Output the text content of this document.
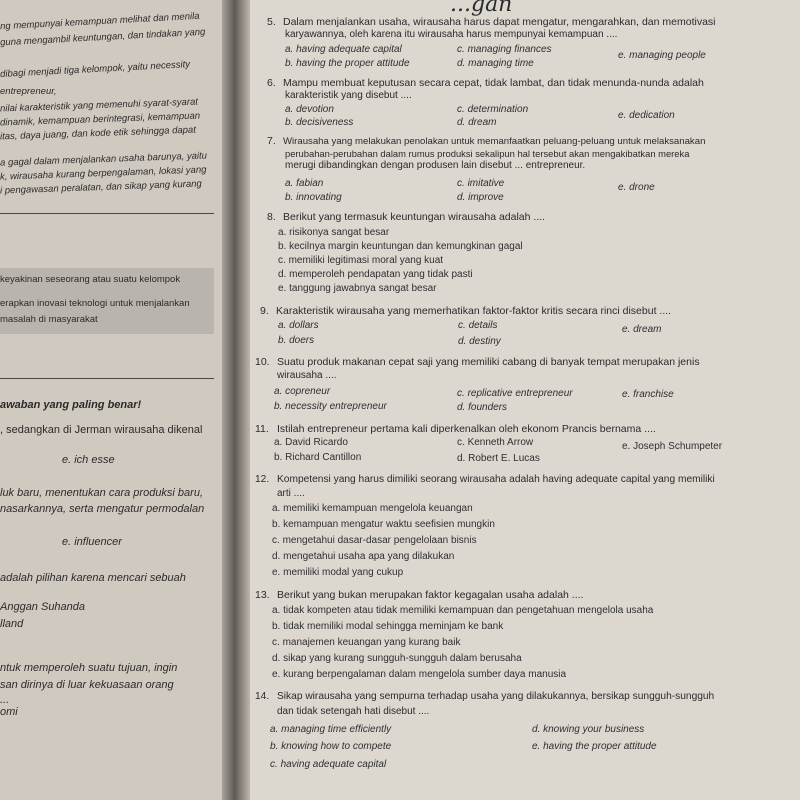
ng mempunyai kemampuan melihat dan menila
guna mengambil keuntungan, dan tindakan yang
dibagi menjadi tiga kelompok, yaitu necessity
entrepreneur,
nilai karakteristik yang memenuhi syarat-syarat
dinamik, kemampuan berintegrasi, kemampuan
itas, daya juang, dan kode etik sehingga dapat
a gagal dalam menjalankan usaha barunya, yaitu
k, wirausaha kurang berpengalaman, lokasi yang
i pengawasan peralatan, dan sikap yang kurang
keyakinan seseorang atau suatu kelompok
erapkan inovasi teknologi untuk menjalankan
masalah di masyarakat
awaban yang paling benar!
, sedangkan di Jerman wirausaha dikenal
e. ich esse
luk baru, menentukan cara produksi baru,
nasarkannya, serta mengatur permodalan
e. influencer
adalah pilihan karena mencari sebuah
Anggan Suhanda
lland
ntuk memperoleh suatu tujuan, ingin
san dirinya di luar kekuasaan orang
...
omi
...gan
5. Dalam menjalankan usaha, wirausaha harus dapat mengatur, mengarahkan, dan memotivasi
karyawannya, oleh karena itu wirausaha harus mempunyai kemampuan ....
a. having adequate capital	c. managing finances
e. managing people
b. having the proper attitude	d. managing time
6. Mampu membuat keputusan secara cepat, tidak lambat, dan tidak menunda-nunda adalah
karakteristik yang disebut ....
a. devotion	c. determination
e. dedication
b. decisiveness	d. dream
7. Wirausaha yang melakukan penolakan untuk memanfaatkan peluang-peluang untuk melaksanakan
perubahan-perubahan dalam rumus produksi sekalipun hal tersebut akan mengakibatkan mereka
merugi dibandingkan dengan produsen lain disebut ... entrepreneur.
a. fabian	c. imitative	e. drone
b. innovating	d. improve
8. Berikut yang termasuk keuntungan wirausaha adalah ....
a. risikonya sangat besar
b. kecilnya margin keuntungan dan kemungkinan gagal
c. memiliki legitimasi moral yang kuat
d. memperoleh pendapatan yang tidak pasti
e. tanggung jawabnya sangat besar
9. Karakteristik wirausaha yang memerhatikan faktor-faktor kritis secara rinci disebut ....
a. dollars	c. details	e. dream
b. doers	d. destiny
10. Suatu produk makanan cepat saji yang memiliki cabang di banyak tempat merupakan jenis
wirausaha ....
a. copreneur	c. replicative entrepreneur	e. franchise
b. necessity entrepreneur	d. founders
11. Istilah entrepreneur pertama kali diperkenalkan oleh ekonom Prancis bernama ....
a. David Ricardo	c. Kenneth Arrow	e. Joseph Schumpeter
b. Richard Cantillon	d. Robert E. Lucas
12. Kompetensi yang harus dimiliki seorang wirausaha adalah having adequate capital yang memiliki
arti ....
a. memiliki kemampuan mengelola keuangan
b. kemampuan mengatur waktu seefisien mungkin
c. mengetahui dasar-dasar pengelolaan bisnis
d. mengetahui usaha apa yang dilakukan
e. memiliki modal yang cukup
13. Berikut yang bukan merupakan faktor kegagalan usaha adalah ....
a. tidak kompeten atau tidak memiliki kemampuan dan pengetahuan mengelola usaha
b. tidak memiliki modal sehingga meminjam ke bank
c. manajemen keuangan yang kurang baik
d. sikap yang kurang sungguh-sungguh dalam berusaha
e. kurang berpengalaman dalam mengelola sumber daya manusia
14. Sikap wirausaha yang sempurna terhadap usaha yang dilakukannya, bersikap sungguh-sungguh
dan tidak setengah hati disebut ....
a. managing time efficiently	d. knowing your business
b. knowing how to compete	e. having the proper attitude
c. having adequate capital
